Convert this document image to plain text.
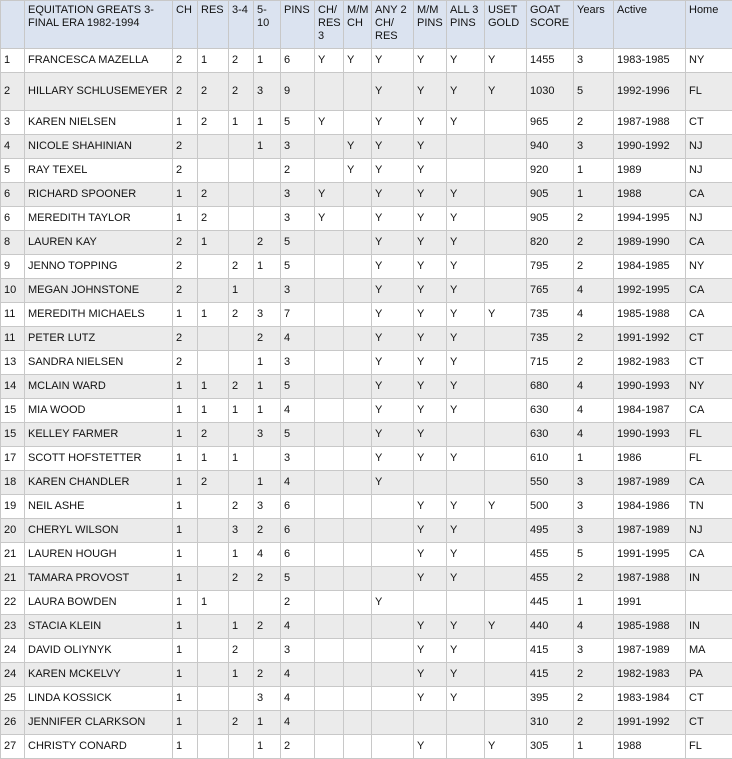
	EQUITATION GREATS 3-FINAL ERA 1982-1994	CH	RES	3-4	5-10	PINS	CH/ RES 3	M/M CH	ANY 2 CH/ RES	M/M PINS	ALL 3 PINS	USET GOLD	GOAT SCORE	Years	Active	Home
1	FRANCESCA MAZELLA	2	1	2	1	6	Y	Y	Y	Y	Y	Y	1455	3	1983-1985	NY
2	HILLARY SCHLUSEMEYER	2	2	2	3	9			Y	Y	Y	Y	1030	5	1992-1996	FL
3	KAREN NIELSEN	1	2	1	1	5	Y		Y	Y	Y		965	2	1987-1988	CT
4	NICOLE SHAHINIAN	2			1	3		Y	Y	Y			940	3	1990-1992	NJ
5	RAY TEXEL	2				2		Y	Y	Y			920	1	1989	NJ
6	RICHARD SPOONER	1	2			3	Y		Y	Y	Y		905	1	1988	CA
6	MEREDITH TAYLOR	1	2			3	Y		Y	Y	Y		905	2	1994-1995	NJ
8	LAUREN KAY	2	1		2	5			Y	Y	Y		820	2	1989-1990	CA
9	JENNO TOPPING	2		2	1	5			Y	Y	Y		795	2	1984-1985	NY
10	MEGAN JOHNSTONE	2		1		3			Y	Y	Y		765	4	1992-1995	CA
11	MEREDITH MICHAELS	1	1	2	3	7			Y	Y	Y	Y	735	4	1985-1988	CA
11	PETER LUTZ	2			2	4			Y	Y	Y		735	2	1991-1992	CT
13	SANDRA NIELSEN	2			1	3			Y	Y	Y		715	2	1982-1983	CT
14	MCLAIN WARD	1	1	2	1	5			Y	Y	Y		680	4	1990-1993	NY
15	MIA WOOD	1	1	1	1	4			Y	Y	Y		630	4	1984-1987	CA
15	KELLEY FARMER	1	2		3	5			Y	Y			630	4	1990-1993	FL
17	SCOTT HOFSTETTER	1	1	1		3			Y	Y	Y		610	1	1986	FL
18	KAREN CHANDLER	1	2		1	4			Y				550	3	1987-1989	CA
19	NEIL ASHE	1		2	3	6				Y	Y	Y	500	3	1984-1986	TN
20	CHERYL WILSON	1		3	2	6				Y	Y		495	3	1987-1989	NJ
21	LAUREN HOUGH	1		1	4	6				Y	Y		455	5	1991-1995	CA
21	TAMARA PROVOST	1		2	2	5				Y	Y		455	2	1987-1988	IN
22	LAURA BOWDEN	1	1			2			Y				445	1	1991	
23	STACIA KLEIN	1		1	2	4				Y	Y	Y	440	4	1985-1988	IN
24	DAVID OLIYNYK	1		2		3				Y	Y		415	3	1987-1989	MA
24	KAREN MCKELVY	1		1	2	4				Y	Y		415	2	1982-1983	PA
25	LINDA KOSSICK	1			3	4				Y	Y		395	2	1983-1984	CT
26	JENNIFER CLARKSON	1		2	1	4							310	2	1991-1992	CT
27	CHRISTY CONARD	1			1	2				Y		Y	305	1	1988	FL
